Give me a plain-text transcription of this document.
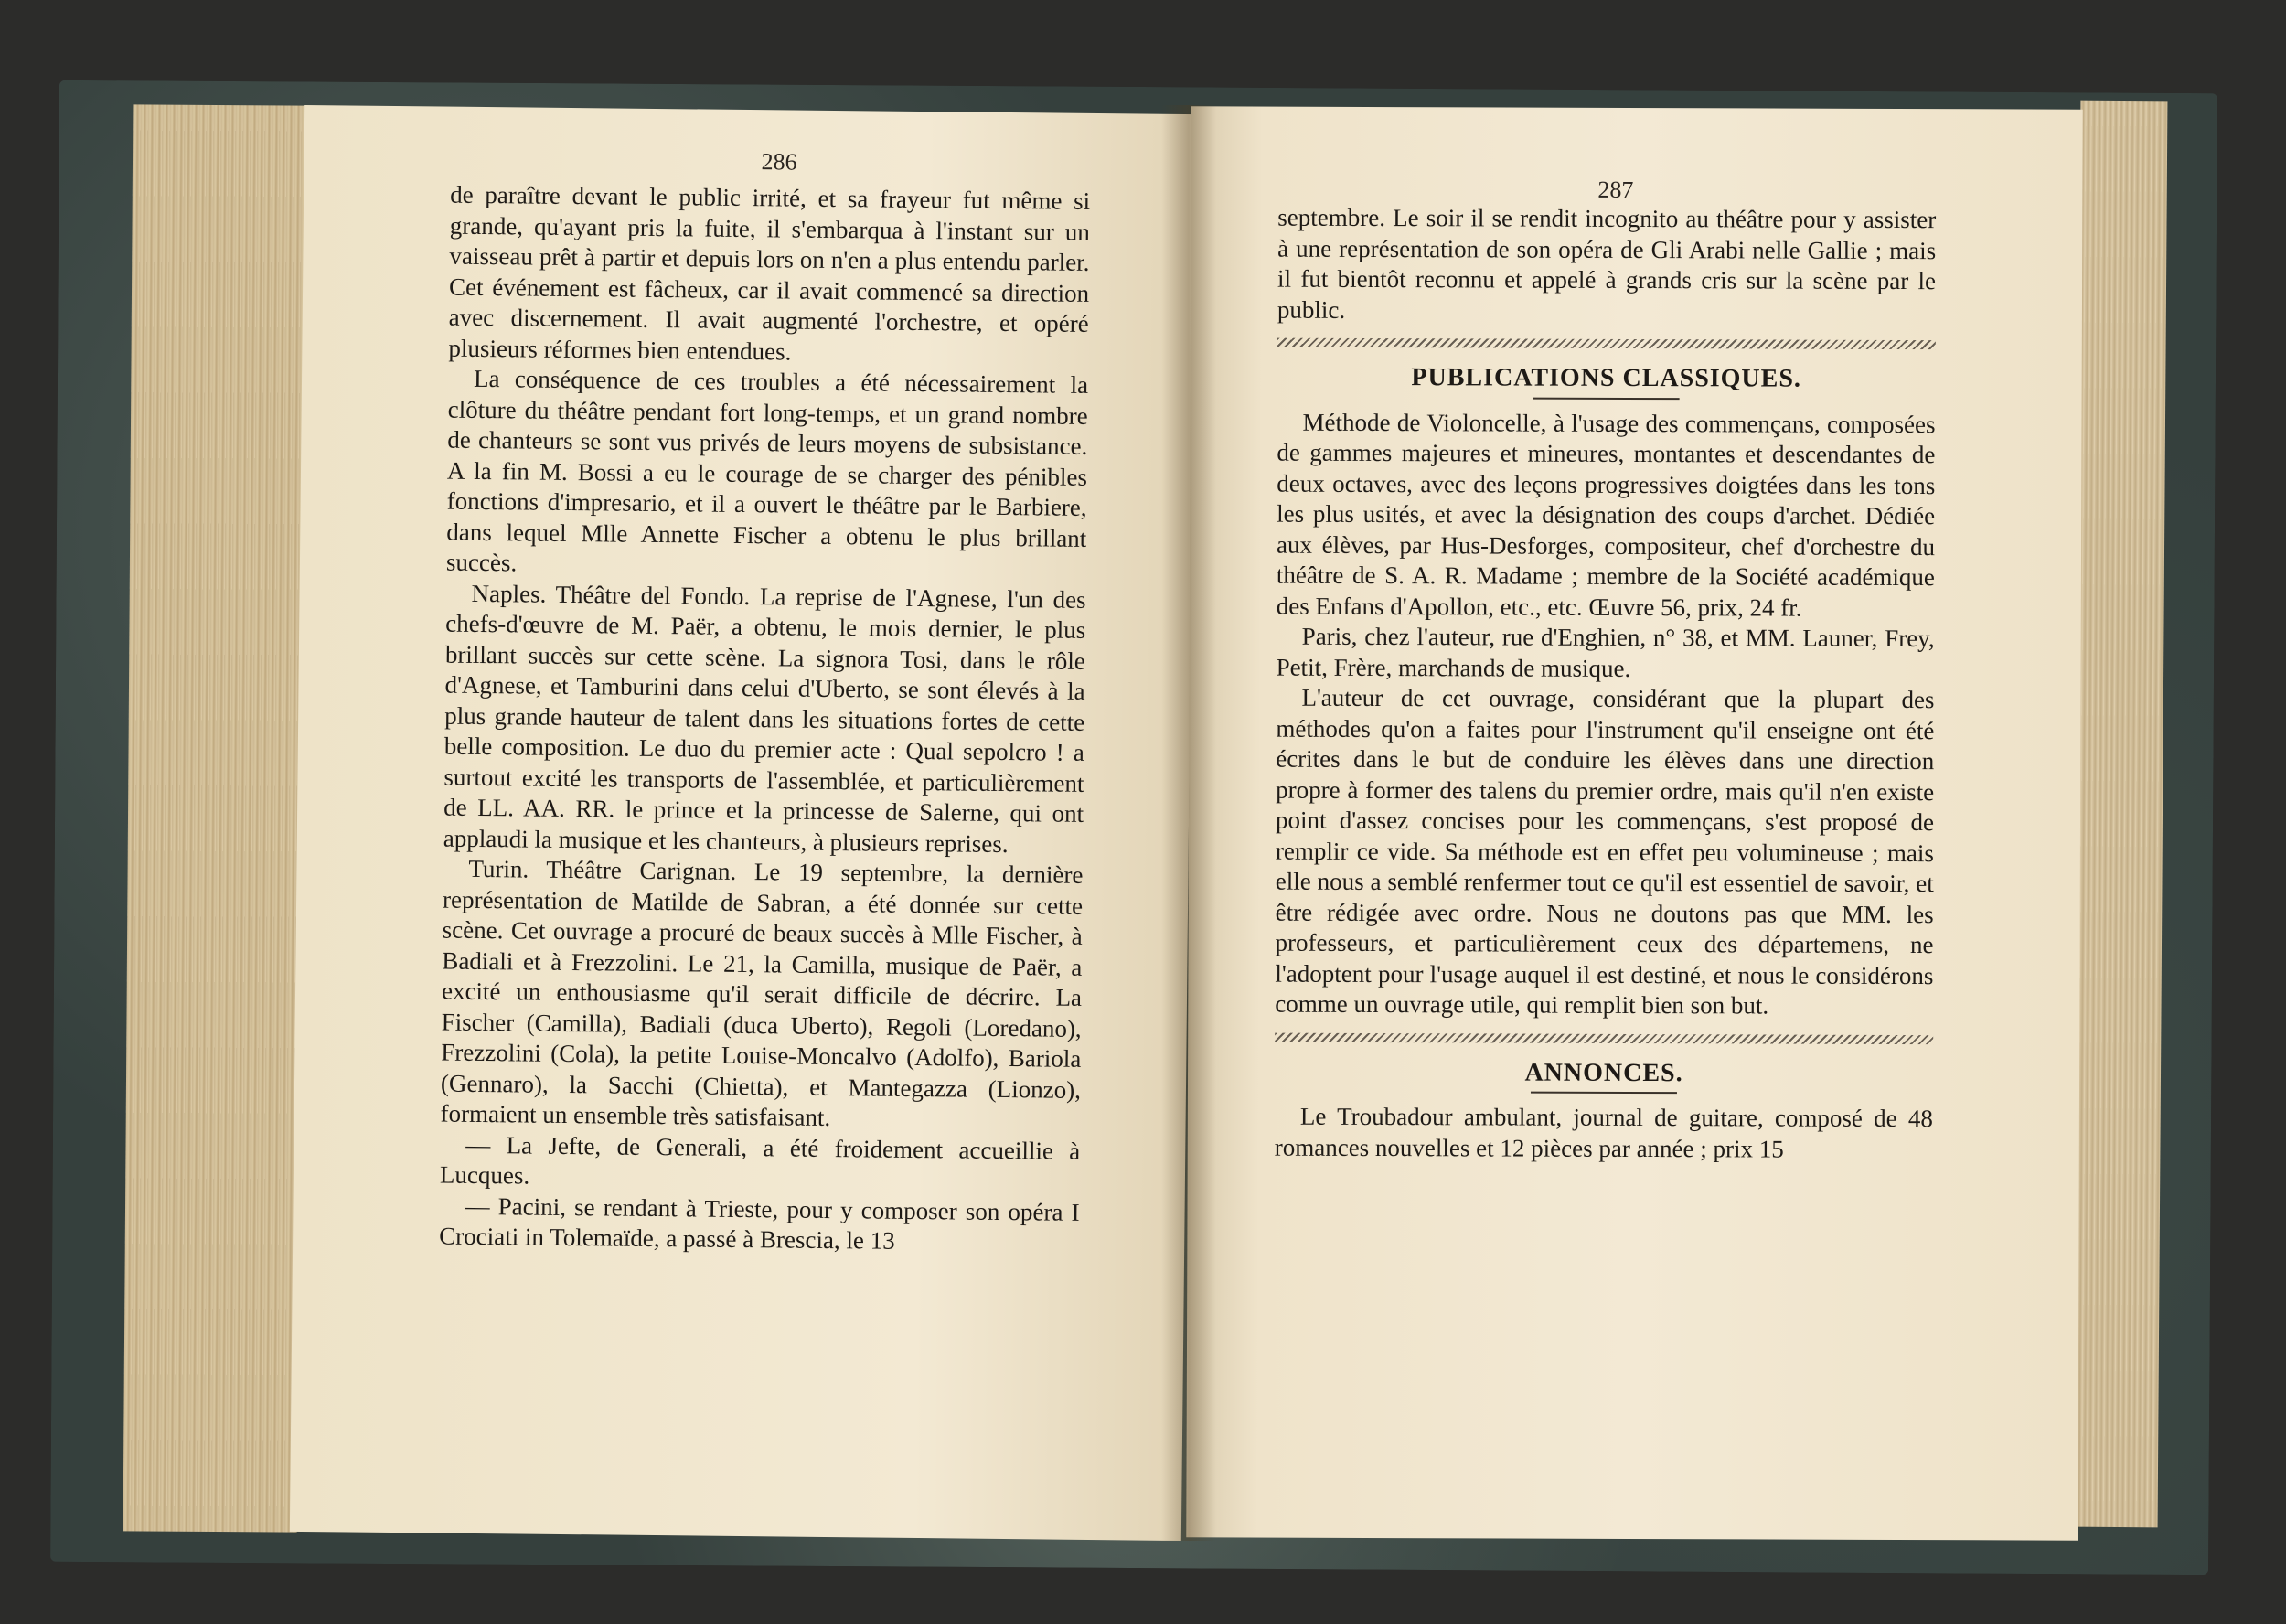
286

de paraître devant le public irrité, et sa frayeur fut même si grande, qu'ayant pris la fuite, il s'embarqua à l'instant sur un vaisseau prêt à partir et depuis lors on n'en a plus entendu parler. Cet événement est fâcheux, car il avait commencé sa direction avec discernement. Il avait augmenté l'orchestre, et opéré plusieurs réformes bien entendues.

La conséquence de ces troubles a été nécessairement la clôture du théâtre pendant fort long-temps, et un grand nombre de chanteurs se sont vus privés de leurs moyens de subsistance. A la fin M. Bossi a eu le courage de se charger des pénibles fonctions d'impresario, et il a ouvert le théâtre par le Barbiere, dans lequel Mlle Annette Fischer a obtenu le plus brillant succès.

Naples. Théâtre del Fondo. La reprise de l'Agnese, l'un des chefs-d'œuvre de M. Paër, a obtenu, le mois dernier, le plus brillant succès sur cette scène. La signora Tosi, dans le rôle d'Agnese, et Tamburini dans celui d'Uberto, se sont élevés à la plus grande hauteur de talent dans les situations fortes de cette belle composition. Le duo du premier acte : Qual sepolcro ! a surtout excité les transports de l'assemblée, et particulièrement de LL. AA. RR. le prince et la princesse de Salerne, qui ont applaudi la musique et les chanteurs, à plusieurs reprises.

Turin. Théâtre Carignan. Le 19 septembre, la dernière représentation de Matilde de Sabran, a été donnée sur cette scène. Cet ouvrage a procuré de beaux succès à Mlle Fischer, à Badiali et à Frezzolini. Le 21, la Camilla, musique de Paër, a excité un enthousiasme qu'il serait difficile de décrire. La Fischer (Camilla), Badiali (duca Uberto), Regoli (Loredano), Frezzolini (Cola), la petite Louise-Moncalvo (Adolfo), Bariola (Gennaro), la Sacchi (Chietta), et Mantegazza (Lionzo), formaient un ensemble très satisfaisant.

— La Jefte, de Generali, a été froidement accueillie à Lucques.

— Pacini, se rendant à Trieste, pour y composer son opéra I Crociati in Tolemaïde, a passé à Brescia, le 13

287

septembre. Le soir il se rendit incognito au théâtre pour y assister à une représentation de son opéra de Gli Arabi nelle Gallie ; mais il fut bientôt reconnu et appelé à grands cris sur la scène par le public.

PUBLICATIONS CLASSIQUES.

Méthode de Violoncelle, à l'usage des commençans, composées de gammes majeures et mineures, montantes et descendantes de deux octaves, avec des leçons progressives doigtées dans les tons les plus usités, et avec la désignation des coups d'archet. Dédiée aux élèves, par Hus-Desforges, compositeur, chef d'orchestre du théâtre de S. A. R. Madame ; membre de la Société académique des Enfans d'Apollon, etc., etc. Œuvre 56, prix, 24 fr.

Paris, chez l'auteur, rue d'Enghien, n° 38, et MM. Launer, Frey, Petit, Frère, marchands de musique.

L'auteur de cet ouvrage, considérant que la plupart des méthodes qu'on a faites pour l'instrument qu'il enseigne ont été écrites dans le but de conduire les élèves dans une direction propre à former des talens du premier ordre, mais qu'il n'en existe point d'assez concises pour les commençans, s'est proposé de remplir ce vide. Sa méthode est en effet peu volumineuse ; mais elle nous a semblé renfermer tout ce qu'il est essentiel de savoir, et être rédigée avec ordre. Nous ne doutons pas que MM. les professeurs, et particulièrement ceux des départemens, ne l'adoptent pour l'usage auquel il est destiné, et nous le considérons comme un ouvrage utile, qui remplit bien son but.

ANNONCES.

Le Troubadour ambulant, journal de guitare, composé de 48 romances nouvelles et 12 pièces par année ; prix 15
